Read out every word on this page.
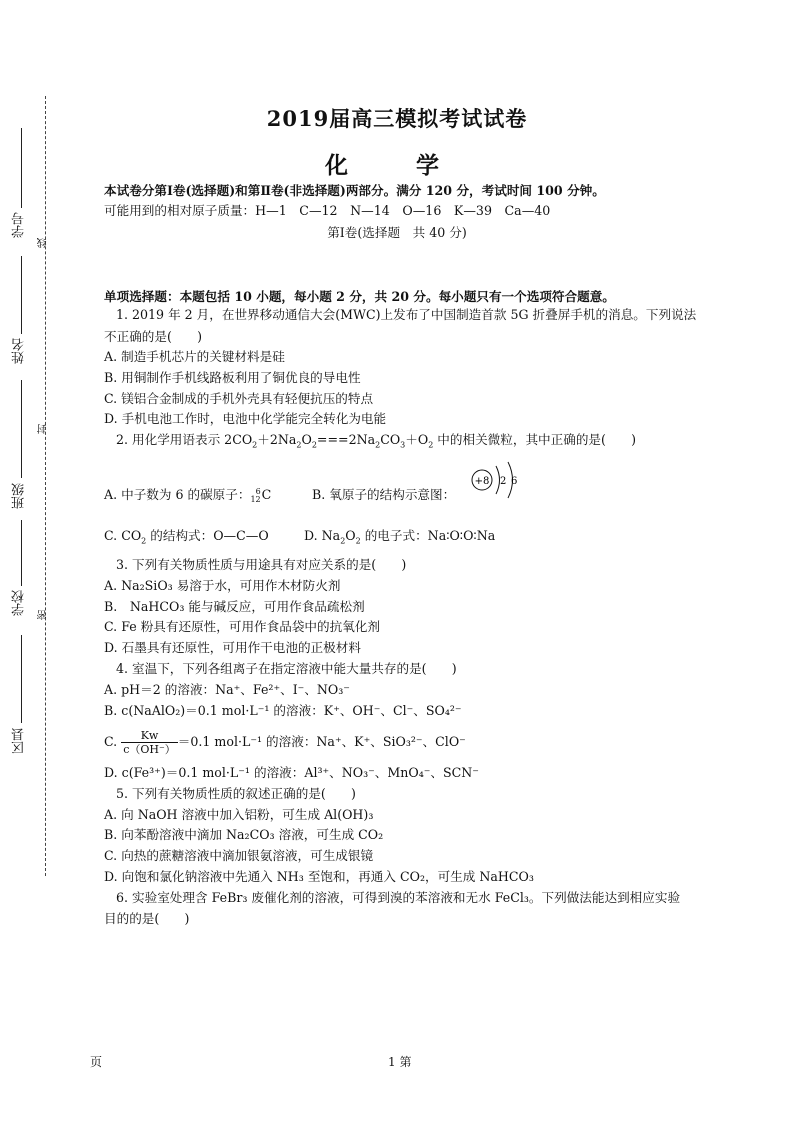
学号
姓名
班级
学校
区县
线
封
密
2019届高三模拟考试试卷
化 学
本试卷分第Ⅰ卷(选择题)和第Ⅱ卷(非选择题)两部分。满分 120 分，考试时间 100 分钟。
可能用到的相对原子质量：H—1　C—12　N—14　O—16　K—39　Ca—40
第Ⅰ卷(选择题　共 40 分)
单项选择题：本题包括 10 小题，每小题 2 分，共 20 分。每小题只有一个选项符合题意。
1. 2019 年 2 月，在世界移动通信大会(MWC)上发布了中国制造首款 5G 折叠屏手机的消息。下列说法
不正确的是(　　)
A. 制造手机芯片的关键材料是硅
B. 用铜制作手机线路板利用了铜优良的导电性
C. 镁铝合金制成的手机外壳具有轻便抗压的特点
D. 手机电池工作时，电池中化学能完全转化为电能
2. 用化学用语表示 $2CO_2+2Na_2O_2===2Na_2CO_3+O_2$ 中的相关微粒，其中正确的是(　　)
A. 中子数为 6 的碳原子： 6
12 C	B. 氧原子的结构示意图：
+8 2 6
C. $CO_2$ 的结构式：O—C—O	D. $Na_2O_2$ 的电子式：Na∶O∶O∶Na
3. 下列有关物质性质与用途具有对应关系的是(　　)
A. Na₂SiO₃ 易溶于水，可用作木材防火剂
B.　NaHCO₃ 能与碱反应，可用作食品疏松剂
C. Fe 粉具有还原性，可用作食品袋中的抗氧化剂
D. 石墨具有还原性，可用作干电池的正极材料
4. 室温下，下列各组离子在指定溶液中能大量共存的是(　　)
A. pH＝2 的溶液：Na⁺、Fe²⁺、I⁻、NO₃⁻
B. c(NaAlO₂)＝0.1 mol·L⁻¹ 的溶液：K⁺、OH⁻、Cl⁻、SO₄²⁻
C. $\frac{Kw}{c(OH^-)} =0.1$ mol·L⁻¹ 的溶液：Na⁺、K⁺、SiO₃²⁻、ClO⁻
D. c(Fe³⁺)＝0.1 mol·L⁻¹ 的溶液：Al³⁺、NO₃⁻、MnO₄⁻、SCN⁻
5. 下列有关物质性质的叙述正确的是(　　)
A. 向 NaOH 溶液中加入铝粉，可生成 Al(OH)₃
B. 向苯酚溶液中滴加 Na₂CO₃ 溶液，可生成 CO₂
C. 向热的蔗糖溶液中滴加银氨溶液，可生成银镜
D. 向饱和氯化钠溶液中先通入 NH₃ 至饱和，再通入 CO₂，可生成 NaHCO₃
6. 实验室处理含 FeBr₃ 废催化剂的溶液，可得到溴的苯溶液和无水 FeCl₃。下列做法能达到相应实验
目的的是(　　)
页	1 第
